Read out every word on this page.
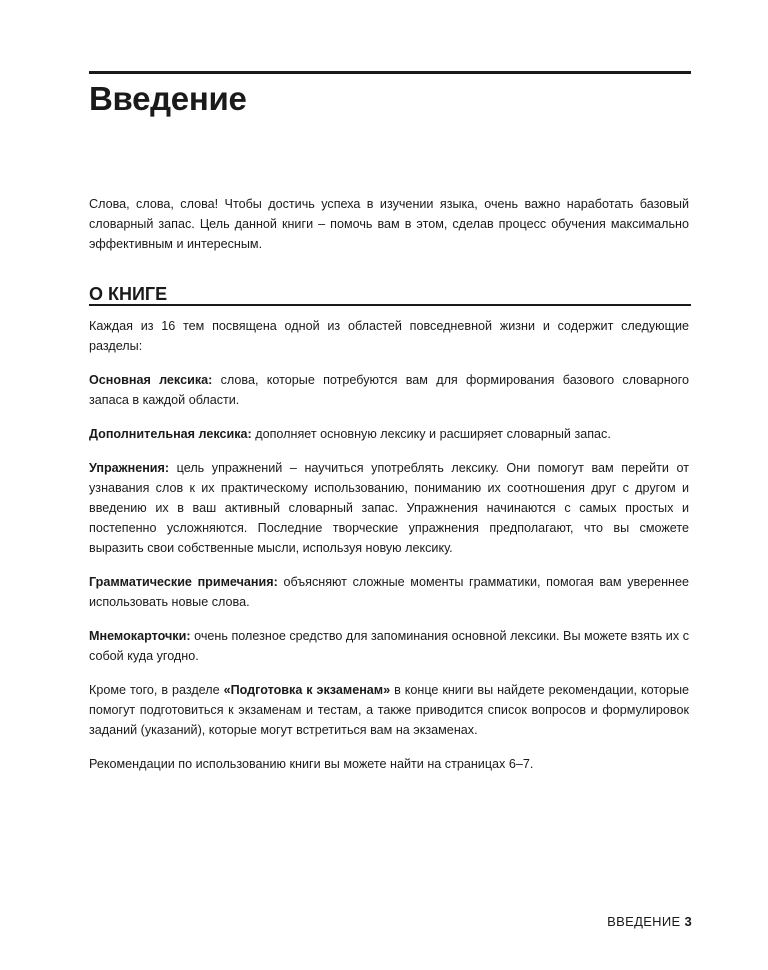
Введение

Слова, слова, слова! Чтобы достичь успеха в изучении языка, очень важно наработать базовый словарный запас. Цель данной книги – помочь вам в этом, сделав процесс обучения максимально эффективным и интересным.

О КНИГЕ

Каждая из 16 тем посвящена одной из областей повседневной жизни и содержит следующие разделы:

Основная лексика: слова, которые потребуются вам для формирования базового словарного запаса в каждой области.

Дополнительная лексика: дополняет основную лексику и расширяет словарный запас.

Упражнения: цель упражнений – научиться употреблять лексику. Они помогут вам перейти от узнавания слов к их практическому использованию, пониманию их соотношения друг с другом и введению их в ваш активный словарный запас. Упражнения начинаются с самых простых и постепенно усложняются. Последние творческие упражнения предполагают, что вы сможете выразить свои собственные мысли, используя новую лексику.

Грамматические примечания: объясняют сложные моменты грамматики, помогая вам увереннее использовать новые слова.

Мнемокарточки: очень полезное средство для запоминания основной лексики. Вы можете взять их с собой куда угодно.

Кроме того, в разделе «Подготовка к экзаменам» в конце книги вы найдете рекомендации, которые помогут подготовиться к экзаменам и тестам, а также приводится список вопросов и формулировок заданий (указаний), которые могут встретиться вам на экзаменах.

Рекомендации по использованию книги вы можете найти на страницах 6–7.

ВВЕДЕНИЕ 3
